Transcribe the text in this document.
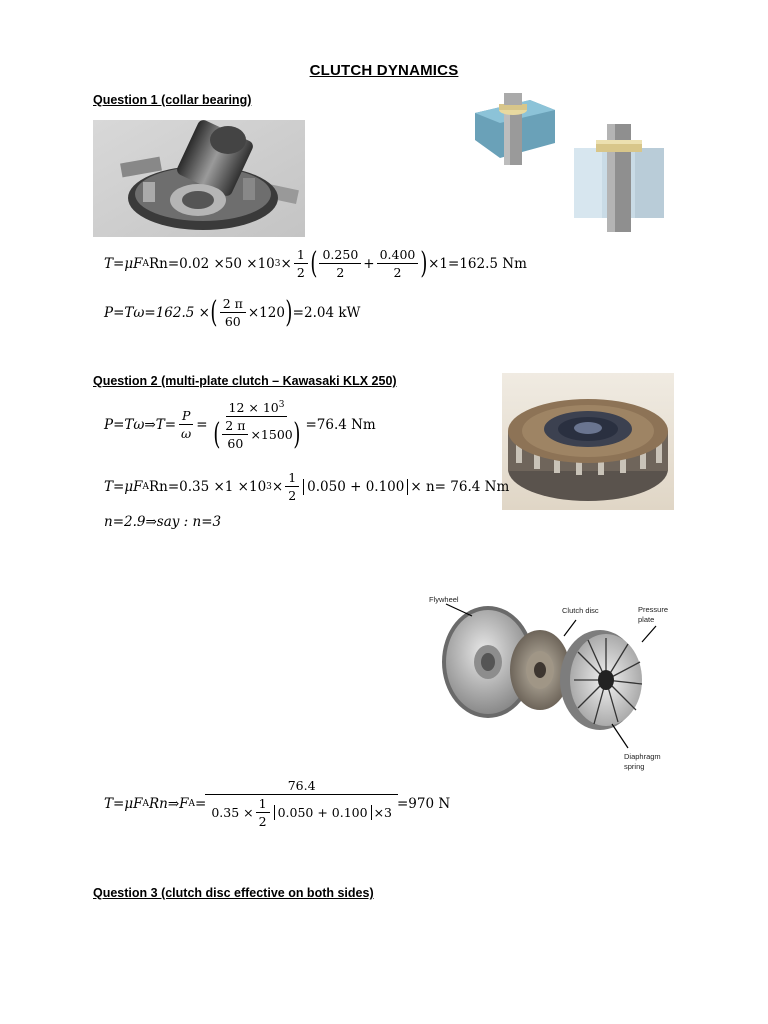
CLUTCH DYNAMICS
Question 1 (collar bearing)
T=μF A Rn=0.02 ×50 ×10 $3 \times \frac{1}{2}$ ( $\frac{0.250}{2} + \frac{0.400}{2}$ ) ×1=162.5 Nm
P=Tω=162.5 × ( $\frac{2 \pi}{60} \times 120$ ) =2.04 kW
Question 2 (multi-plate clutch – Kawasaki KLX 250)
P=Tω⇒T= $\frac{P}{\omega} = \frac{12 \times 10^3}{( \frac{2 \pi}{60} \times 1500 )} =76.4$ Nm
T=μF A Rn=0.35 ×1 ×10 $3 \times \frac{1}{2} 0.050 + 0.100 \times n= 76.4$ Nm
n=2.9⇒say : n=3
Flywheel
Clutch disc	Pressure
plate
Diaphragm
spring
T=μF A Rn⇒F $A = \frac{76.4}{0.35 \times \frac{1}{2} 0.050 + 0.100 \times 3} =970$ N
Question 3 (clutch disc effective on both sides)
